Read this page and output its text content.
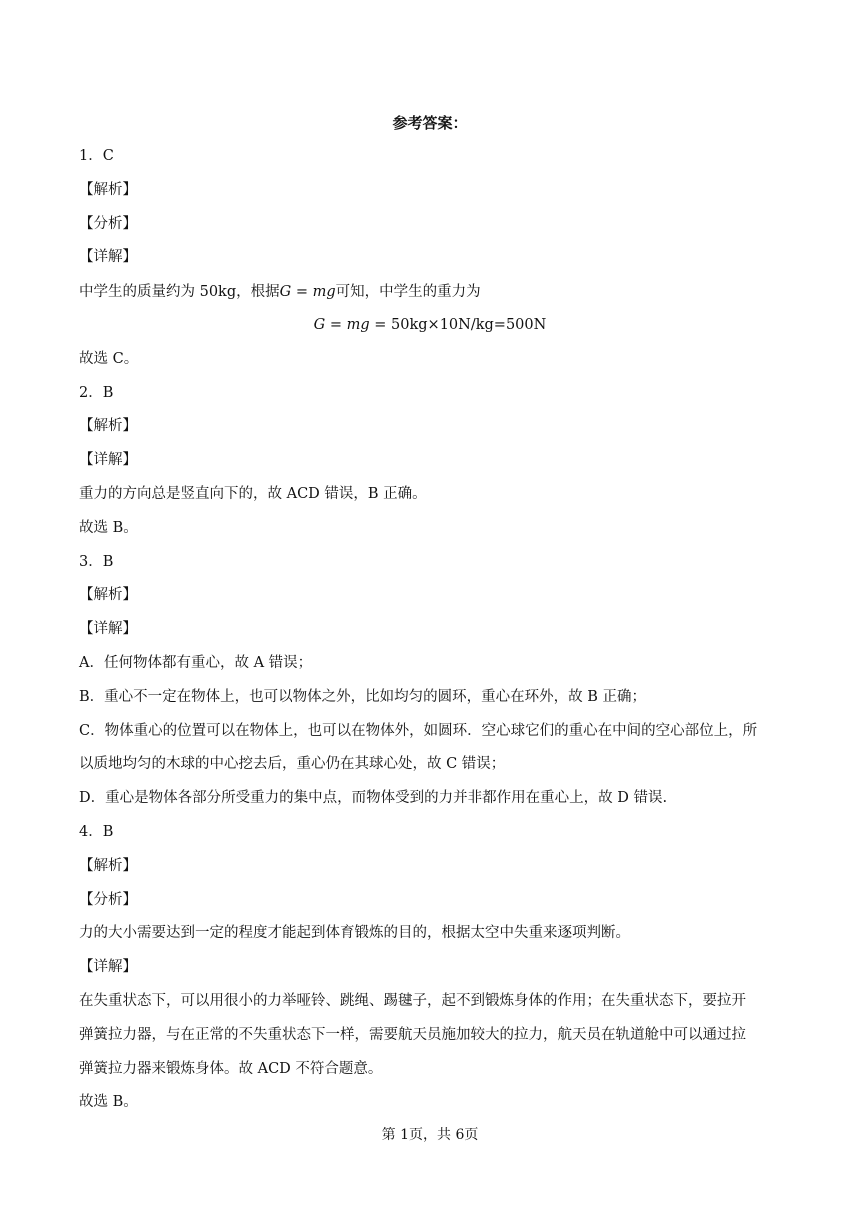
参考答案：
1．C
【解析】
【分析】
【详解】
中学生的质量约为 50kg，根据G = mg可知，中学生的重力为
G = mg = 50kg×10N/kg=500N
故选 C。
2．B
【解析】
【详解】
重力的方向总是竖直向下的，故 ACD 错误，B 正确。
故选 B。
3．B
【解析】
【详解】
A．任何物体都有重心，故 A 错误；
B．重心不一定在物体上，也可以物体之外，比如均匀的圆环，重心在环外，故 B 正确；
C．物体重心的位置可以在物体上，也可以在物体外，如圆环．空心球它们的重心在中间的空心部位上，所
以质地均匀的木球的中心挖去后，重心仍在其球心处，故 C 错误；
D．重心是物体各部分所受重力的集中点，而物体受到的力并非都作用在重心上，故 D 错误.
4．B
【解析】
【分析】
力的大小需要达到一定的程度才能起到体育锻炼的目的，根据太空中失重来逐项判断。
【详解】
在失重状态下，可以用很小的力举哑铃、跳绳、踢毽子，起不到锻炼身体的作用；在失重状态下，要拉开
弹簧拉力器，与在正常的不失重状态下一样，需要航天员施加较大的拉力，航天员在轨道舱中可以通过拉
弹簧拉力器来锻炼身体。故 ACD 不符合题意。
故选 B。
第 1页，共 6页
